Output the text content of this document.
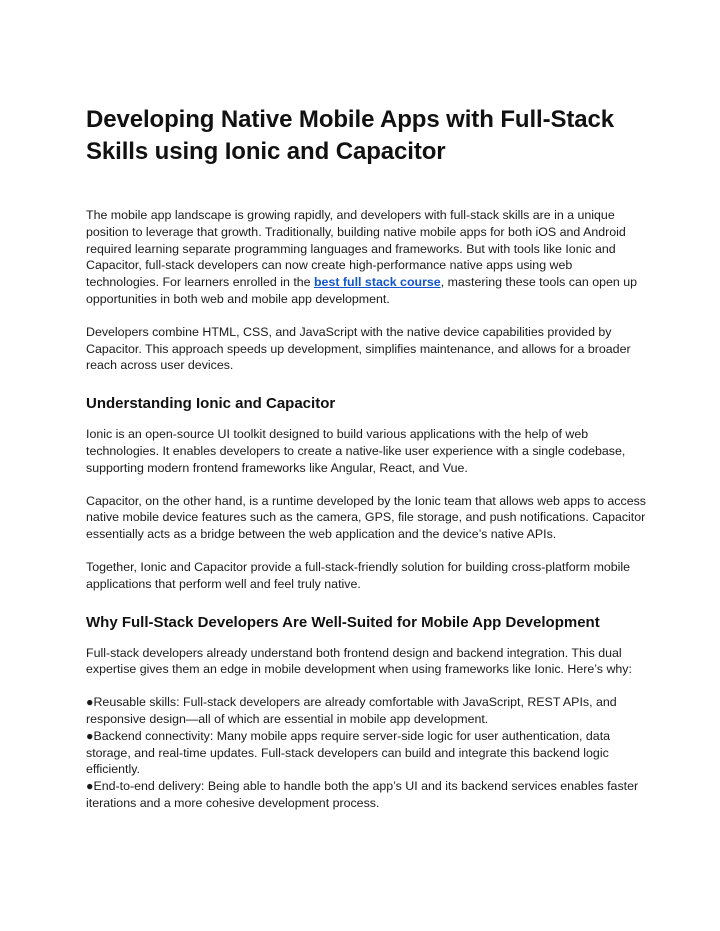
Developing Native Mobile Apps with Full-Stack Skills using Ionic and Capacitor

The mobile app landscape is growing rapidly, and developers with full-stack skills are in a unique position to leverage that growth. Traditionally, building native mobile apps for both iOS and Android required learning separate programming languages and frameworks. But with tools like Ionic and Capacitor, full-stack developers can now create high-performance native apps using web technologies. For learners enrolled in the best full stack course, mastering these tools can open up opportunities in both web and mobile app development.

Developers combine HTML, CSS, and JavaScript with the native device capabilities provided by Capacitor. This approach speeds up development, simplifies maintenance, and allows for a broader reach across user devices.

Understanding Ionic and Capacitor

Ionic is an open-source UI toolkit designed to build various applications with the help of web technologies. It enables developers to create a native-like user experience with a single codebase, supporting modern frontend frameworks like Angular, React, and Vue.

Capacitor, on the other hand, is a runtime developed by the Ionic team that allows web apps to access native mobile device features such as the camera, GPS, file storage, and push notifications. Capacitor essentially acts as a bridge between the web application and the device’s native APIs.

Together, Ionic and Capacitor provide a full-stack-friendly solution for building cross-platform mobile applications that perform well and feel truly native.

Why Full-Stack Developers Are Well-Suited for Mobile App Development

Full-stack developers already understand both frontend design and backend integration. This dual expertise gives them an edge in mobile development when using frameworks like Ionic. Here’s why:

●Reusable skills: Full-stack developers are already comfortable with JavaScript, REST APIs, and responsive design—all of which are essential in mobile app development.

●Backend connectivity: Many mobile apps require server-side logic for user authentication, data storage, and real-time updates. Full-stack developers can build and integrate this backend logic efficiently.

●End-to-end delivery: Being able to handle both the app’s UI and its backend services enables faster iterations and a more cohesive development process.
